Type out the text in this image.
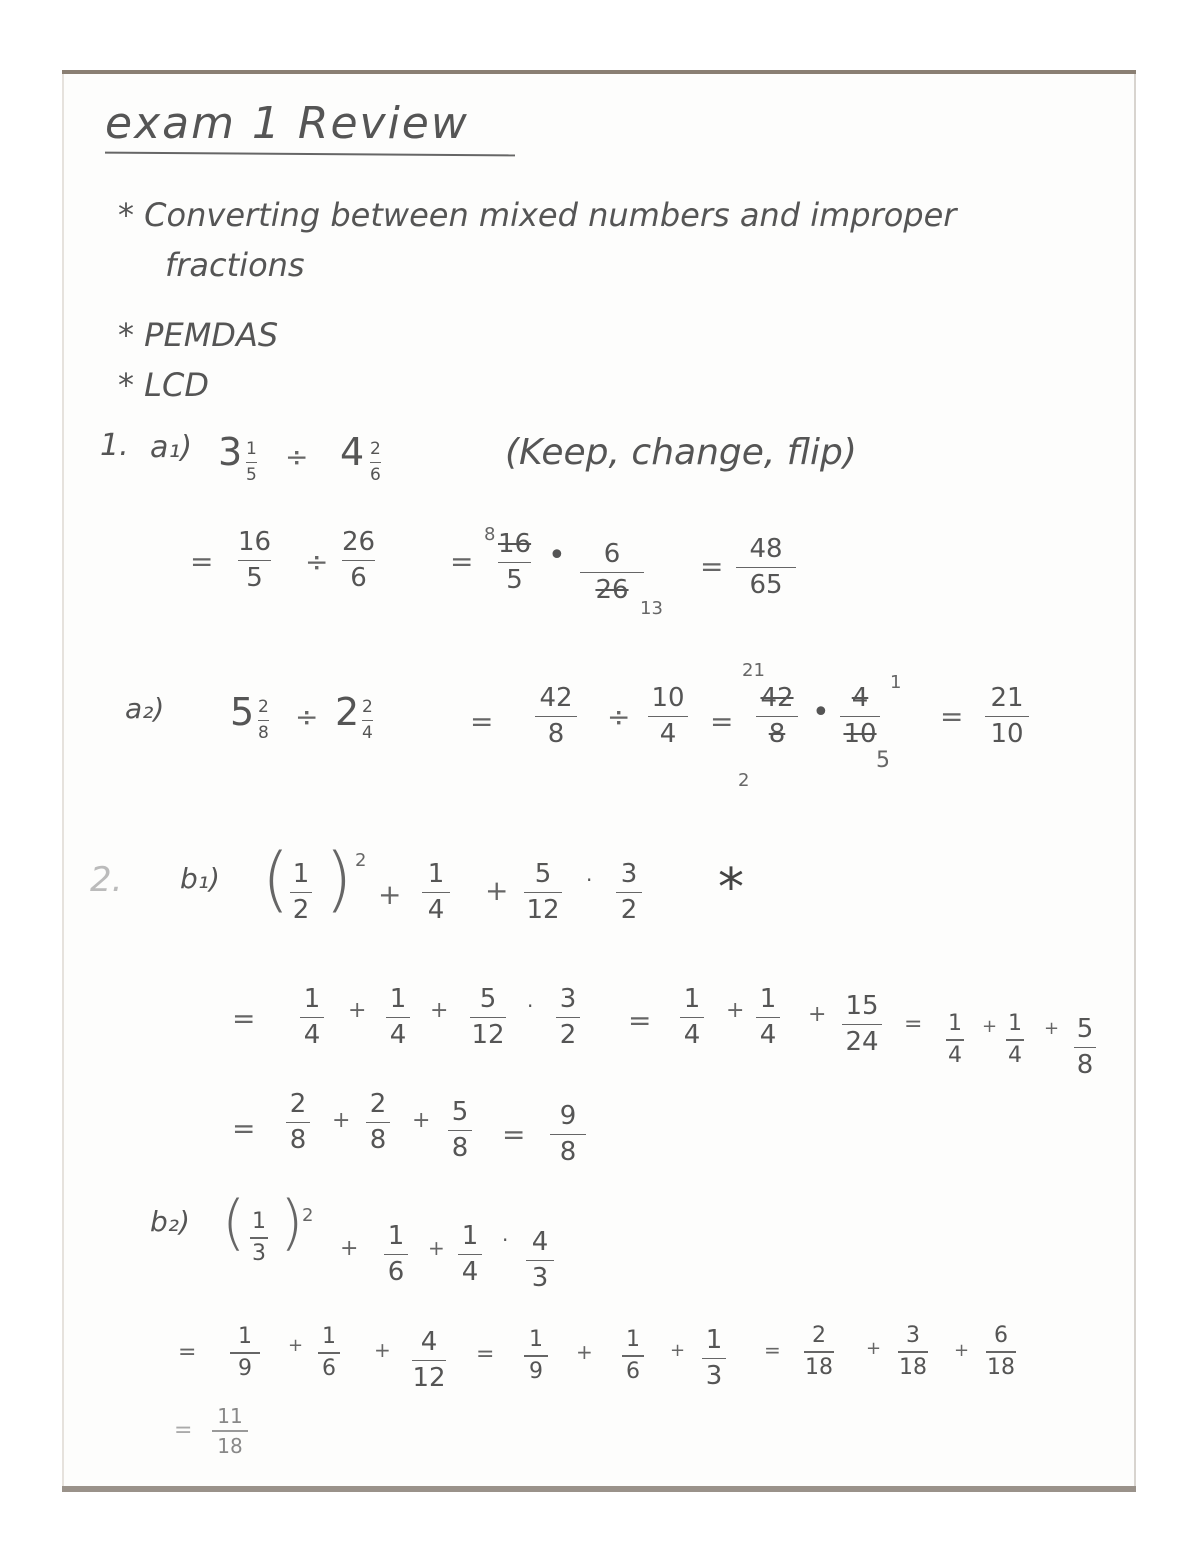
exam 1 Review
* Converting between mixed numbers and improper
fractions
* PEMDAS
* LCD
1. a₁) 3 1
5
÷ 4 2
6
(Keep, change, flip)
=
16
5
÷
26
6
=
8 16
5
• 6
26
13
=
48
65
a₂) 5 2
8
÷ 2 2
4	=
42
8
÷
10
4 =
21
42
8
2
• 4
10
1
5
=
21
10
2. b₁) ( 1
2 ) 2
+
1
4
+ 5
12
· 3
2 *
=
1
4
+ 1
4
+ 5
12
· 3
2 =
1
4
+ 1
4
+ 15
24
= 1
4
+ 1
4
+ 5
8
=
2
8
+
2
8
+ 5
8 =
9
8
b₂) ( 1
3 )
2
+ 1
6
+ 1
4
· 4
3
=
1
9
+ 1
6
+ 4
12
=
1
9
+ 1
6
+ 1
3
=
2
18
+
3
18
+
6
18
=
11
18
